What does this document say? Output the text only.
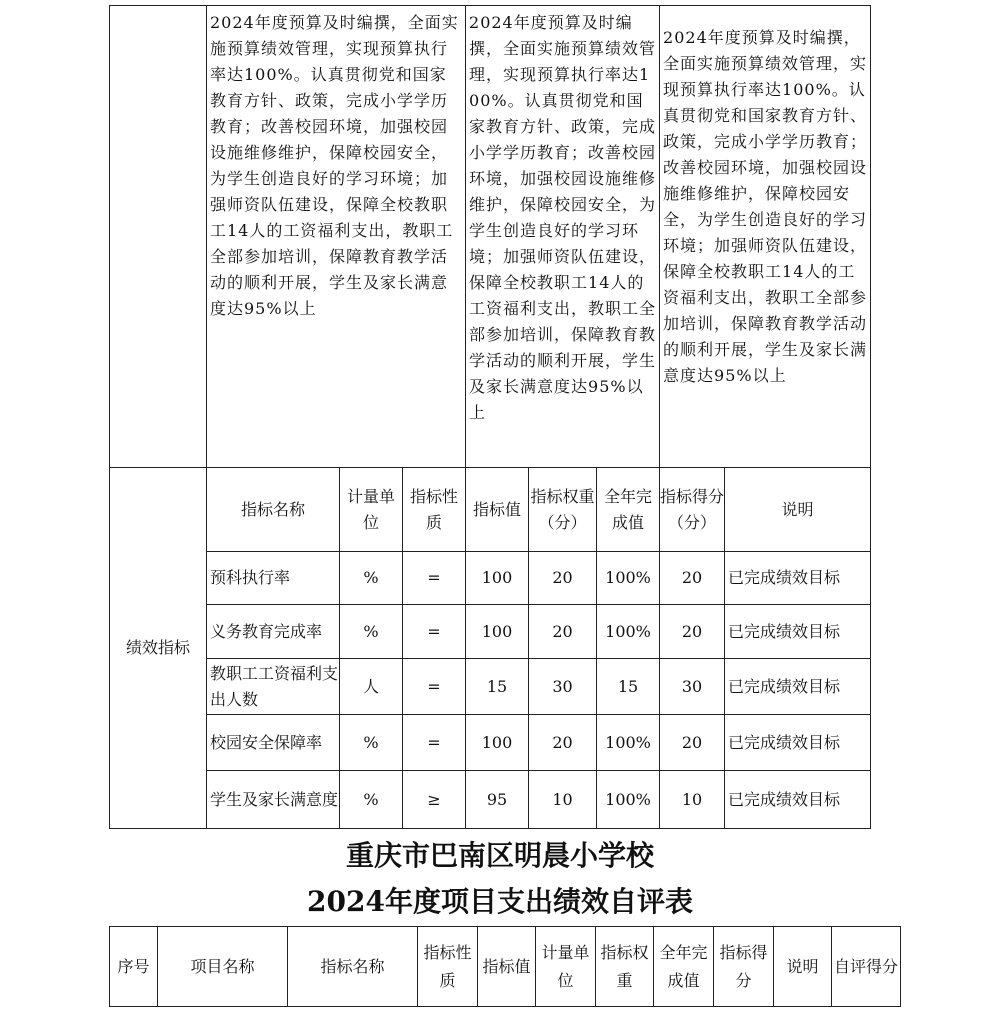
	2024年度预算及时编撰，全面实施预算绩效管理，实现预算执行率达100%。认真贯彻党和国家教育方针、政策，完成小学学历教育；改善校园环境，加强校园设施维修维护，保障校园安全，为学生创造良好的学习环境；加强师资队伍建设，保障全校教职工14人的工资福利支出，教职工全部参加培训，保障教育教学活动的顺利开展，学生及家长满意度达95%以上			2024年度预算及时编撰，全面实施预算绩效管理，实现预算执行率达100%。认真贯彻党和国家教育方针、政策，完成小学学历教育；改善校园环境，加强校园设施维修维护，保障校园安全，为学生创造良好的学习环境；加强师资队伍建设，保障全校教职工14人的工资福利支出，教职工全部参加培训，保障教育教学活动的顺利开展，学生及家长满意度达95%以上			2024年度预算及时编撰，全面实施预算绩效管理，实现预算执行率达100%。认真贯彻党和国家教育方针、政策，完成小学学历教育；改善校园环境，加强校园设施维修维护，保障校园安全，为学生创造良好的学习环境；加强师资队伍建设，保障全校教职工14人的工资福利支出，教职工全部参加培训，保障教育教学活动的顺利开展，学生及家长满意度达95%以上	
绩效指标	指标名称	计量单位	指标性质	指标值	指标权重（分）	全年完成值	指标得分（分）	说明
	预科执行率	%	=	100	20	100%	20	已完成绩效目标
	义务教育完成率	%	=	100	20	100%	20	已完成绩效目标
	教职工工资福利支出人数	人	=	15	30	15	30	已完成绩效目标
	校园安全保障率	%	=	100	20	100%	20	已完成绩效目标
	学生及家长满意度	%	≥	95	10	100%	10	已完成绩效目标
重庆市巴南区明晨小学校
2024年度项目支出绩效自评表
序号	项目名称	指标名称	指标性质	指标值	计量单位	指标权重	全年完成值	指标得分	说明	自评得分
